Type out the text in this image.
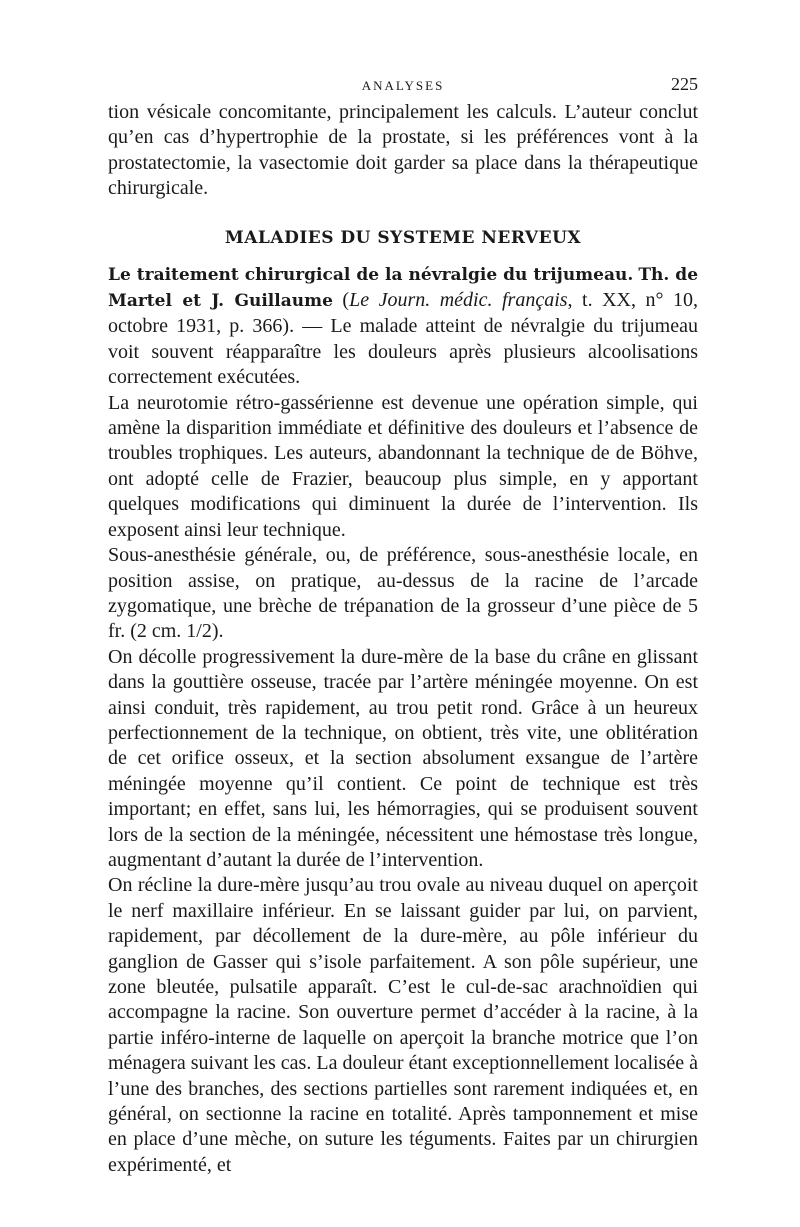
ANALYSES	225

tion vésicale concomitante, principalement les calculs. L’auteur conclut qu’en cas d’hypertrophie de la prostate, si les préférences vont à la prostatectomie, la vasectomie doit garder sa place dans la thérapeutique chirurgicale.

MALADIES DU SYSTEME NERVEUX

Le traitement chirurgical de la névralgie du trijumeau. Th. de Martel et J. Guillaume (Le Journ. médic. français, t. XX, n° 10, octobre 1931, p. 366). — Le malade atteint de névralgie du trijumeau voit souvent réapparaître les douleurs après plusieurs alcoolisations correctement exécutées.

La neurotomie rétro-gassérienne est devenue une opération simple, qui amène la disparition immédiate et définitive des douleurs et l’absence de troubles trophiques. Les auteurs, abandonnant la technique de de Böhve, ont adopté celle de Frazier, beaucoup plus simple, en y apportant quelques modifications qui diminuent la durée de l’intervention. Ils exposent ainsi leur technique.

Sous-anesthésie générale, ou, de préférence, sous-anesthésie locale, en position assise, on pratique, au-dessus de la racine de l’arcade zygomatique, une brèche de trépanation de la grosseur d’une pièce de 5 fr. (2 cm. 1/2).

On décolle progressivement la dure-mère de la base du crâne en glissant dans la gouttière osseuse, tracée par l’artère méningée moyenne. On est ainsi conduit, très rapidement, au trou petit rond. Grâce à un heureux perfectionnement de la technique, on obtient, très vite, une oblitération de cet orifice osseux, et la section absolument exsangue de l’artère méningée moyenne qu’il contient. Ce point de technique est très important; en effet, sans lui, les hémorragies, qui se produisent souvent lors de la section de la méningée, nécessitent une hémostase très longue, augmentant d’autant la durée de l’intervention.

On récline la dure-mère jusqu’au trou ovale au niveau duquel on aperçoit le nerf maxillaire inférieur. En se laissant guider par lui, on parvient, rapidement, par décollement de la dure-mère, au pôle inférieur du ganglion de Gasser qui s’isole parfaitement. A son pôle supérieur, une zone bleutée, pulsatile apparaît. C’est le cul-de-sac arachnoïdien qui accompagne la racine. Son ouverture permet d’accéder à la racine, à la partie inféro-interne de laquelle on aperçoit la branche motrice que l’on ménagera suivant les cas. La douleur étant exceptionnellement localisée à l’une des branches, des sections partielles sont rarement indiquées et, en général, on sectionne la racine en totalité. Après tamponnement et mise en place d’une mèche, on suture les téguments. Faites par un chirurgien expérimenté, et
